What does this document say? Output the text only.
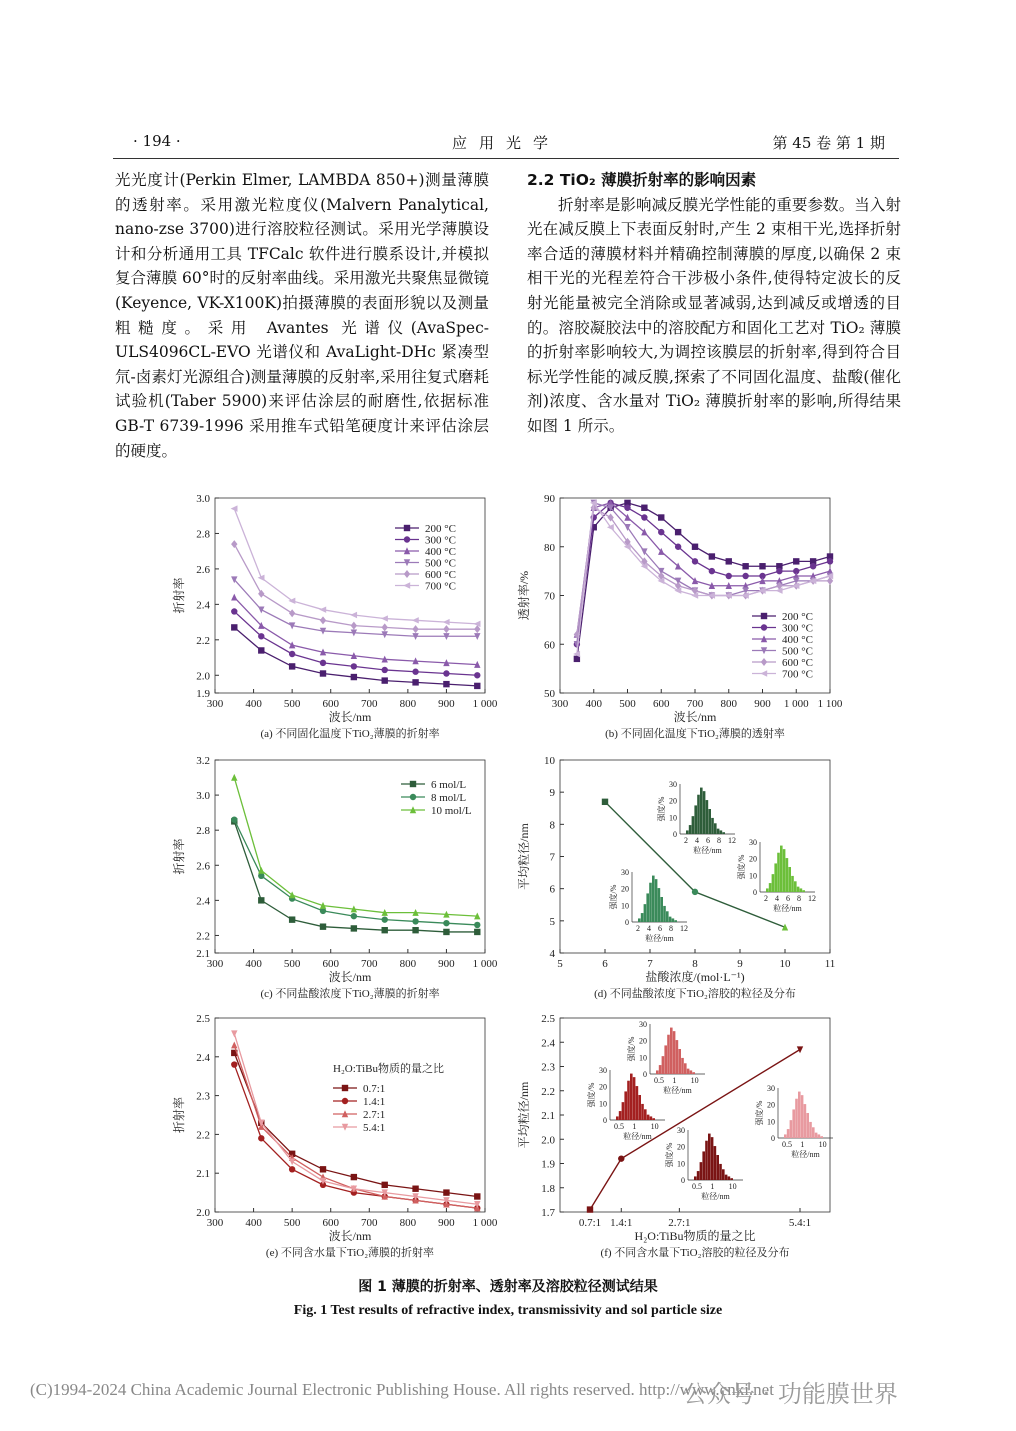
· 194 ·	应用光学	第 45 卷 第 1 期

光光度计(Perkin Elmer, LAMBDA 850+)测量薄膜的透射率。采用激光粒度仪(Malvern Panalytical, nano-zse 3700)进行溶胶粒径测试。采用光学薄膜设计和分析通用工具 TFCalc 软件进行膜系设计,并模拟复合薄膜 60°时的反射率曲线。采用激光共聚焦显微镜(Keyence, VK-X100K)拍摄薄膜的表面形貌以及测量粗糙度。采用 Avantes 光谱仪(AvaSpec-ULS4096CL-EVO 光谱仪和 AvaLight-DHc 紧凑型氘-卤素灯光源组合)测量薄膜的反射率,采用往复式磨耗试验机(Taber 5900)来评估涂层的耐磨性,依据标准 GB-T 6739-1996 采用推车式铅笔硬度计来评估涂层的硬度。

2.2 TiO₂ 薄膜折射率的影响因素

折射率是影响减反膜光学性能的重要参数。当入射光在减反膜上下表面反射时,产生 2 束相干光,选择折射率合适的薄膜材料并精确控制薄膜的厚度,以确保 2 束相干光的光程差符合干涉极小条件,使得特定波长的反射光能量被完全消除或显著减弱,达到减反或增透的目的。溶胶凝胶法中的溶胶配方和固化工艺对 TiO₂ 薄膜的折射率影响较大,为调控该膜层的折射率,得到符合目标光学性能的减反膜,探索了不同固化温度、盐酸(催化剂)浓度、含水量对 TiO₂ 薄膜折射率的影响,所得结果如图 1 所示。

300 400 500 600 700 800 900 1 000
1.9
2.0
2.2
2.4
2.6
2.8
3.0
波长/nm
折射率
(a) 不同固化温度下TiO₂薄膜的折射率
200 °C
300 °C
400 °C
500 °C
600 °C
700 °C
300 400 500 600 700 800 900 1 000 1 100
50
60
70
80
90
波长/nm
透射率/%
(b) 不同固化温度下TiO₂薄膜的透射率
200 °C
300 °C
400 °C
500 °C
600 °C
700 °C
300 400 500 600 700 800 900 1 000
2.1
2.2
2.4
2.6
2.8
3.0
3.2
波长/nm
折射率
(c) 不同盐酸浓度下TiO₂薄膜的折射率
6 mol/L
8 mol/L
10 mol/L
5	6	7	8	9	10	11
4
5
6
7
8
9
10
盐酸浓度/(mol·L⁻¹)
平均粒径/nm
(d) 不同盐酸浓度下TiO₂溶胶的粒径及分布
0
10
20
30
2 4 6 8 12
粒径/nm
强度/%
0
10
20
30
2 4 6 8 12
粒径/nm
强度/%	0
10
20
30
2 4 6 8 12
粒径/nm
强度/%
300 400 500 600 700 800 900 1 000
2.0
2.1
2.2
2.3
2.4
2.5
波长/nm
折射率
(e) 不同含水量下TiO₂薄膜的折射率
0.7:1
1.4:1
2.7:1
5.4:1
H₂O:TiBu物质的量之比
0.7:1 1.4:1	2.7:1	5.4:1
1.7
1.8
1.9
2.0
2.1
2.2
2.3
2.4
2.5
H₂O:TiBu物质的量之比
平均粒径/nm
(f) 不同含水量下TiO₂溶胶的粒径及分布
0
10
20
30
0.5 1 10
粒径/nm
强度/%
0
10
20
30
0.5 1 10
粒径/nm
强度/%
0
10
20
30
0.5 1 10
粒径/nm
强度/%
0
10
20
30
0.5 1 10
粒径/nm
强度/%
图 1 薄膜的折射率、透射率及溶胶粒径测试结果
Fig. 1 Test results of refractive index, transmissivity and sol particle size
(C)1994-2024 China Academic Journal Electronic Publishing House. All rights reserved. http://www.cnki.net
公众号 · 功能膜世界
